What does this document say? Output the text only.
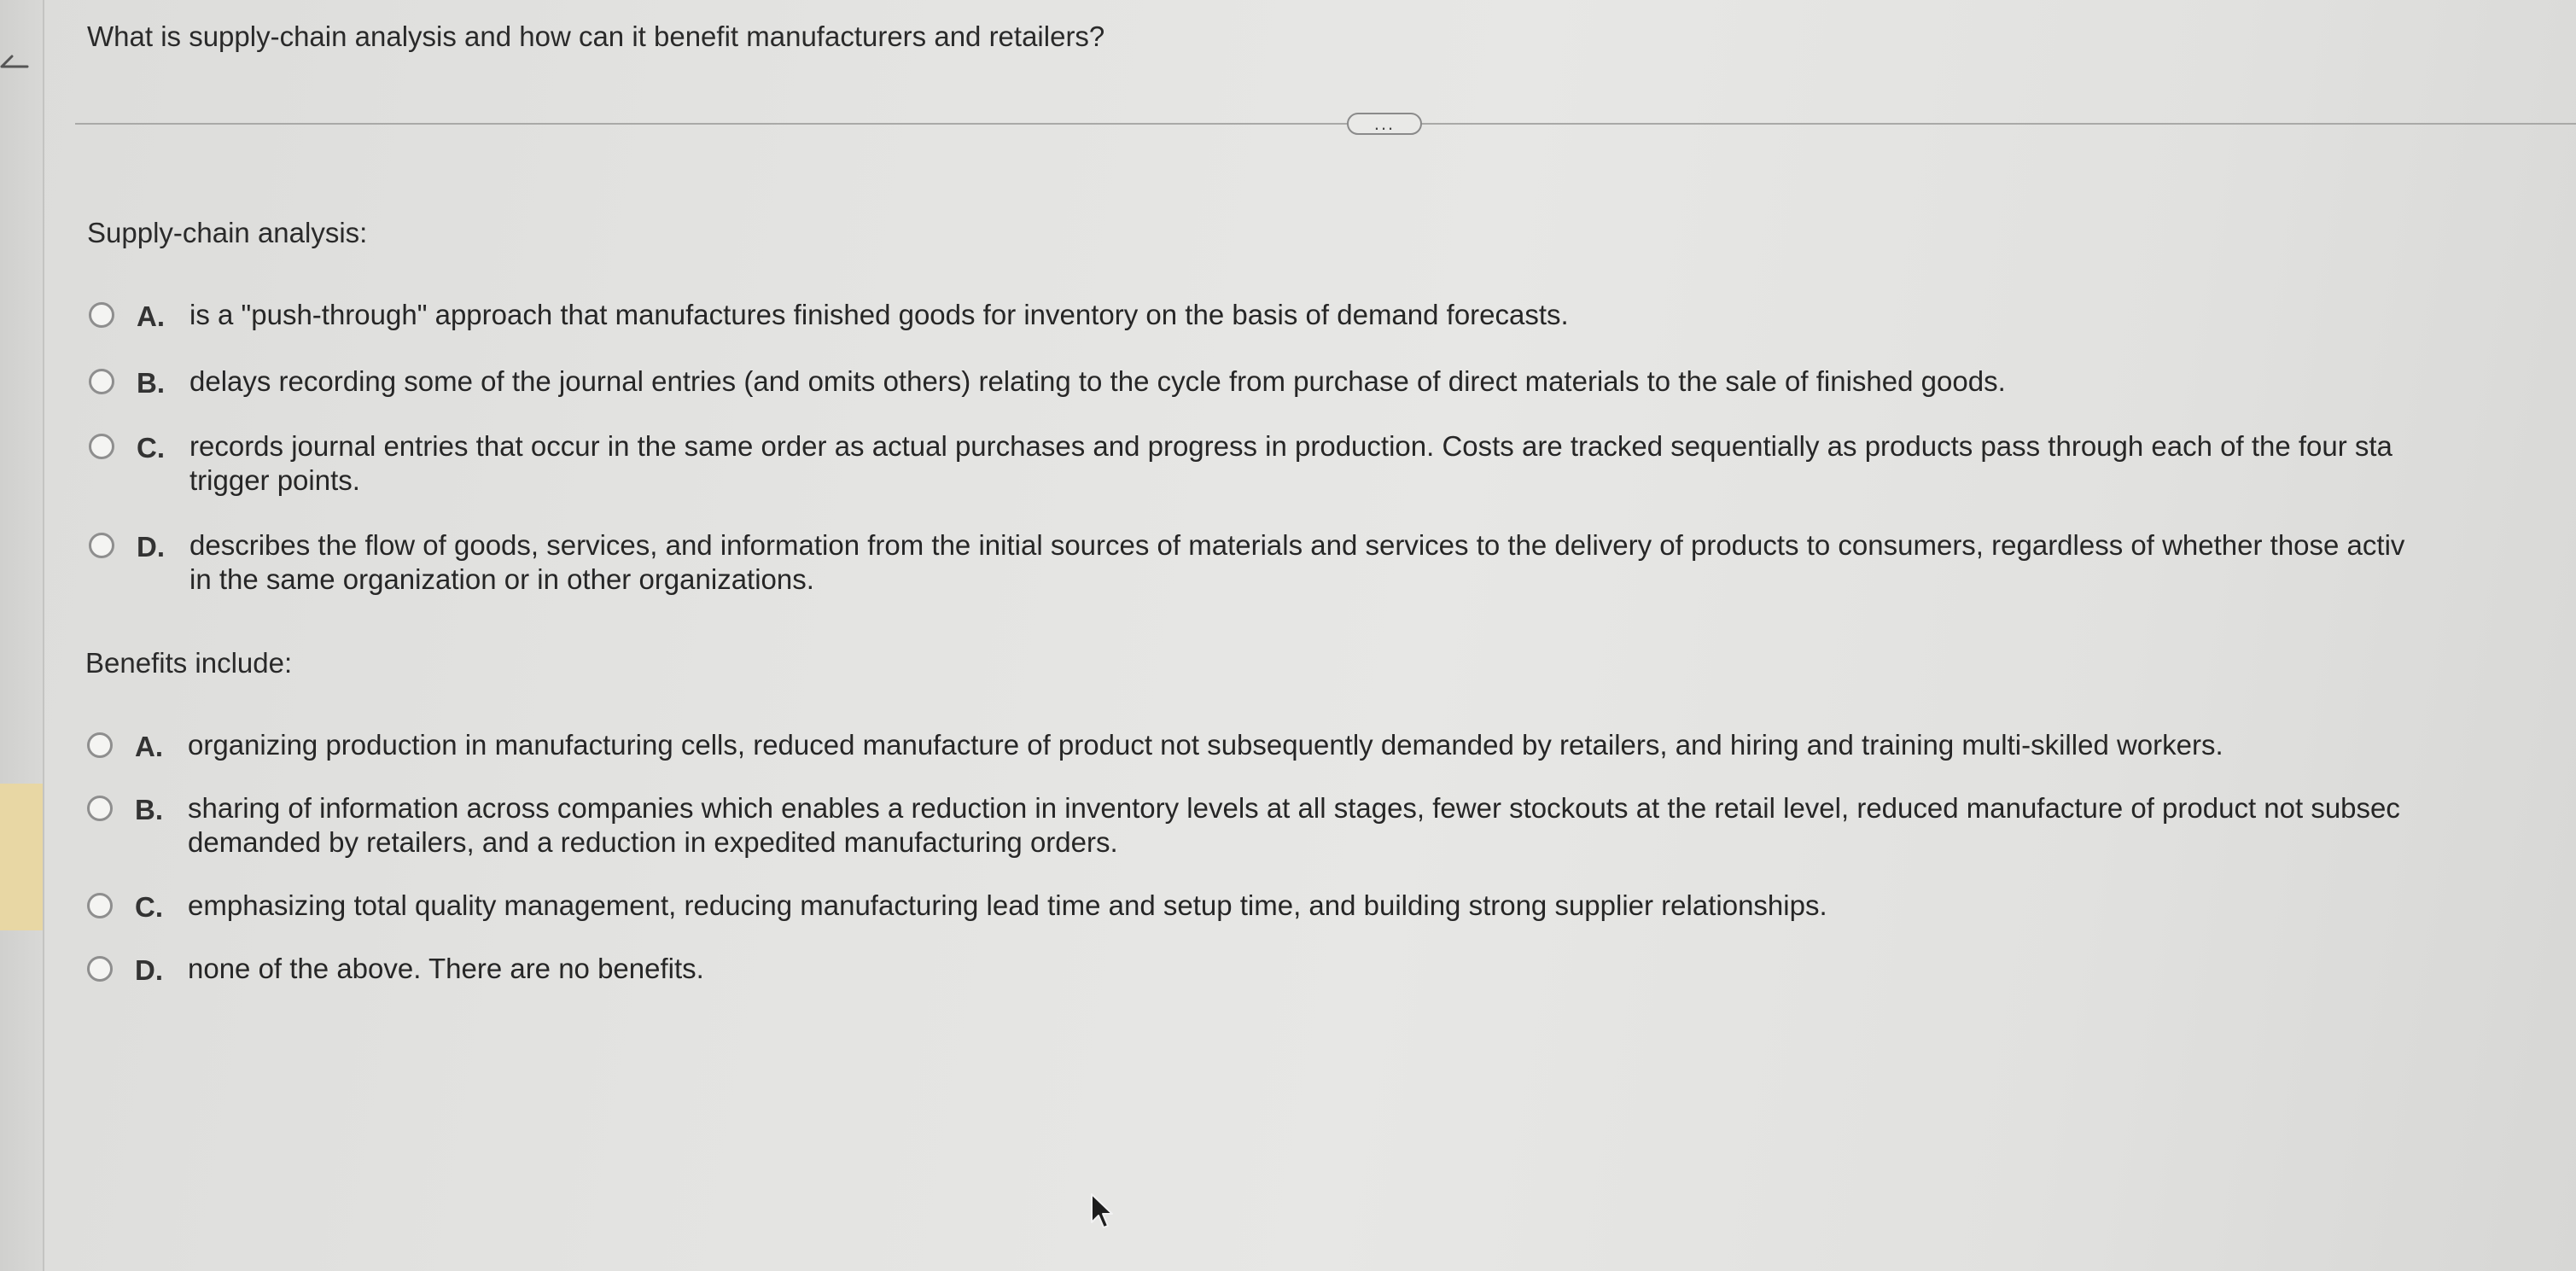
What is supply-chain analysis and how can it benefit manufacturers and retailers?
...
Supply-chain analysis:
A. is a "push-through" approach that manufactures finished goods for inventory on the basis of demand forecasts.
B. delays recording some of the journal entries (and omits others) relating to the cycle from purchase of direct materials to the sale of finished goods.
C. records journal entries that occur in the same order as actual purchases and progress in production. Costs are tracked sequentially as products pass through each of the four sta
trigger points.
D. describes the flow of goods, services, and information from the initial sources of materials and services to the delivery of products to consumers, regardless of whether those activ
in the same organization or in other organizations.
Benefits include:
A. organizing production in manufacturing cells, reduced manufacture of product not subsequently demanded by retailers, and hiring and training multi-skilled workers.
B. sharing of information across companies which enables a reduction in inventory levels at all stages, fewer stockouts at the retail level, reduced manufacture of product not subsec
demanded by retailers, and a reduction in expedited manufacturing orders.
C. emphasizing total quality management, reducing manufacturing lead time and setup time, and building strong supplier relationships.
D. none of the above. There are no benefits.
